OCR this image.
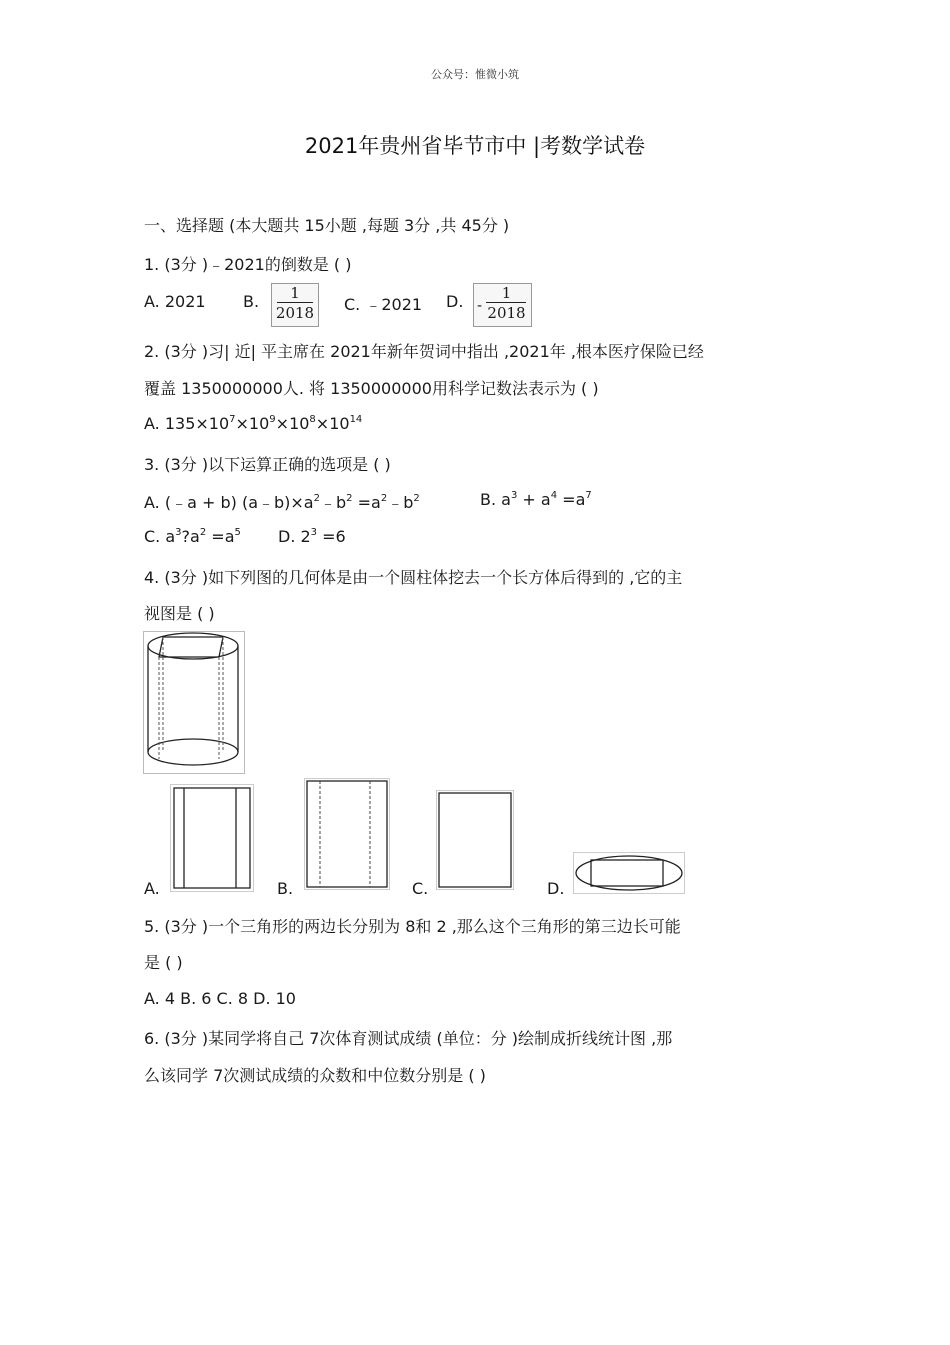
公众号：惟微小筑
2021年贵州省毕节市中 |考数学试卷
一、选择题 (本大题共 15小题 ,每题 3分 ,共 45分 )
1. (3分 )﹣2021的倒数是 ( )
A. 2021 B.	1
2018 C. ﹣2021 D. -
1
2018
2. (3分 )习| 近| 平主席在 2021年新年贺词中指出 ,2021年 ,根本医疗保险已经
覆盖 1350000000人. 将 1350000000用科学记数法表示为 ( )
A. $135\times 10^7\times 10^9\times 10^8\times 10^{14}$
3. (3分 )以下运算正确的选项是 ( )
A. (﹣a + b) $(a﹣b)\times a^2﹣b^2$ $=a^2﹣b^2$	B. $a^3 + a^4 =a^7$
C. $a^3?a^2 =a^5$ D. $2^3 =6$
4. (3分 )如下列图的几何体是由一个圆柱体挖去一个长方体后得到的 ,它的主
视图是 ( )
A.	B.	C.	D.
5. (3分 )一个三角形的两边长分别为 8和 2 ,那么这个三角形的第三边长可能
是 ( )
A. 4 B. 6 C. 8 D. 10
6. (3分 )某同学将自己 7次体育测试成绩 (单位：分 )绘制成折线统计图 ,那
么该同学 7次测试成绩的众数和中位数分别是 ( )
